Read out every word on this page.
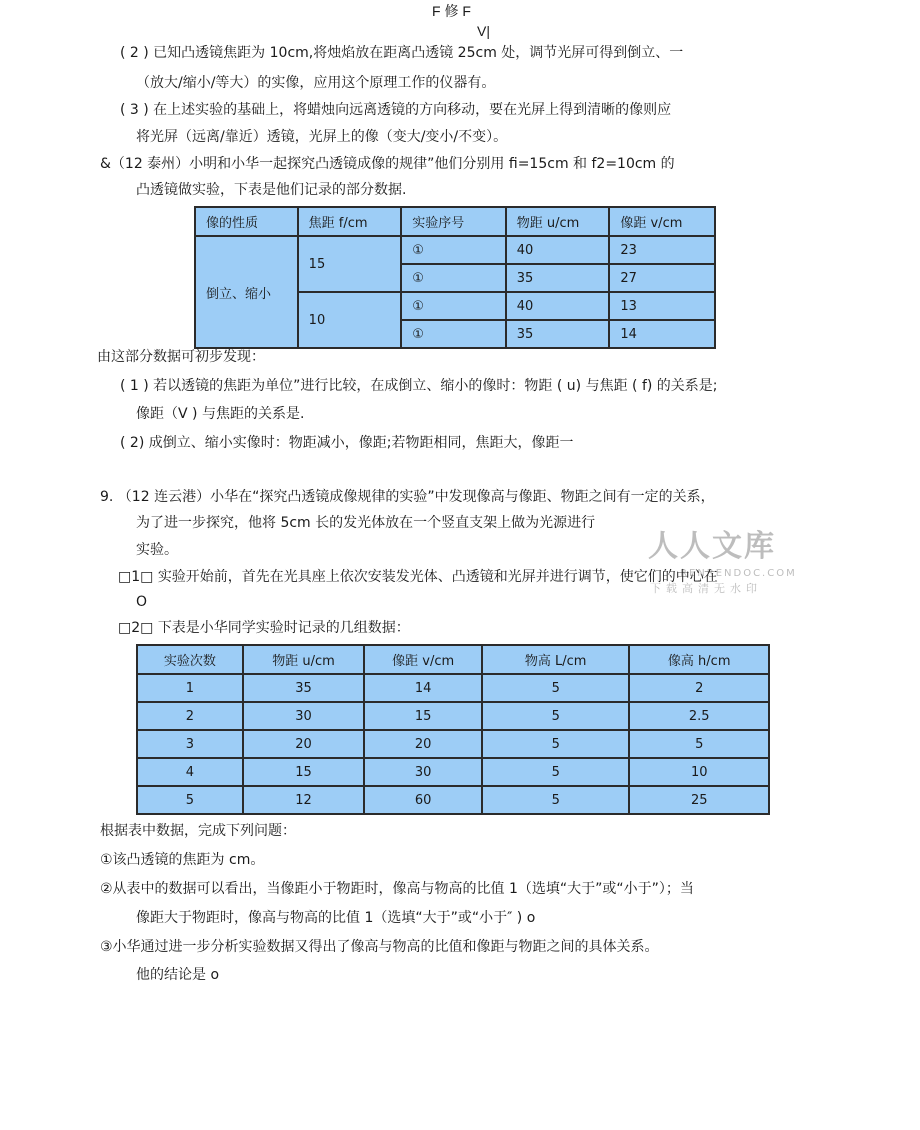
F 修 F
V|
( 2 ) 已知凸透镜焦距为 10cm,将烛焰放在距离凸透镜 25cm 处，调节光屏可得到倒立、一
（放大/缩小/等大）的实像，应用这个原理工作的仪器有。
( 3 ) 在上述实验的基础上，将蜡烛向远离透镜的方向移动，要在光屏上得到清晰的像则应
将光屏（远离/靠近）透镜，光屏上的像（变大/变小/不变）。
&（12 泰州）小明和小华一起探究凸透镜成像的规律”他们分别用 fi=15cm 和 f2=10cm 的
凸透镜做实验，下表是他们记录的部分数据.
像的性质	焦距 f/cm	实验序号	物距 u/cm	像距 v/cm
倒立、缩小	15	①	40	23
		①	35	27
	10	①	40	13
		①	35	14
由这部分数据可初步发现：
( 1 ) 若以透镜的焦距为单位”进行比较，在成倒立、缩小的像时：物距 ( u) 与焦距 ( f) 的关系是;
像距（V ) 与焦距的关系是.
( 2) 成倒立、缩小实像时：物距减小，像距;若物距相同，焦距大，像距一
9. （12 连云港）小华在“探究凸透镜成像规律的实验”中发现像高与像距、物距之间有一定的关系，
为了进一步探究，他将 5cm 长的发光体放在一个竖直支架上做为光源进行
实验。	人人文库
RENRENDOC.COM
下载高清无水印
□1□ 实验开始前，首先在光具座上依次安装发光体、凸透镜和光屏并进行调节，使它们的中心在
O
□2□ 下表是小华同学实验时记录的几组数据：
实验次数	物距 u/cm	像距 v/cm	物高 L/cm	像高 h/cm
1	35	14	5	2
2	30	15	5	2.5
3	20	20	5	5
4	15	30	5	10
5	12	60	5	25
根据表中数据，完成下列问题：
①该凸透镜的焦距为 cm。
②从表中的数据可以看出，当像距小于物距时，像高与物高的比值 1（选填“大于”或“小于”）；当
像距大于物距时，像高与物高的比值 1（选填“大于”或“小于″ ) o
③小华通过进一步分析实验数据又得出了像高与物高的比值和像距与物距之间的具体关系。
他的结论是 o
